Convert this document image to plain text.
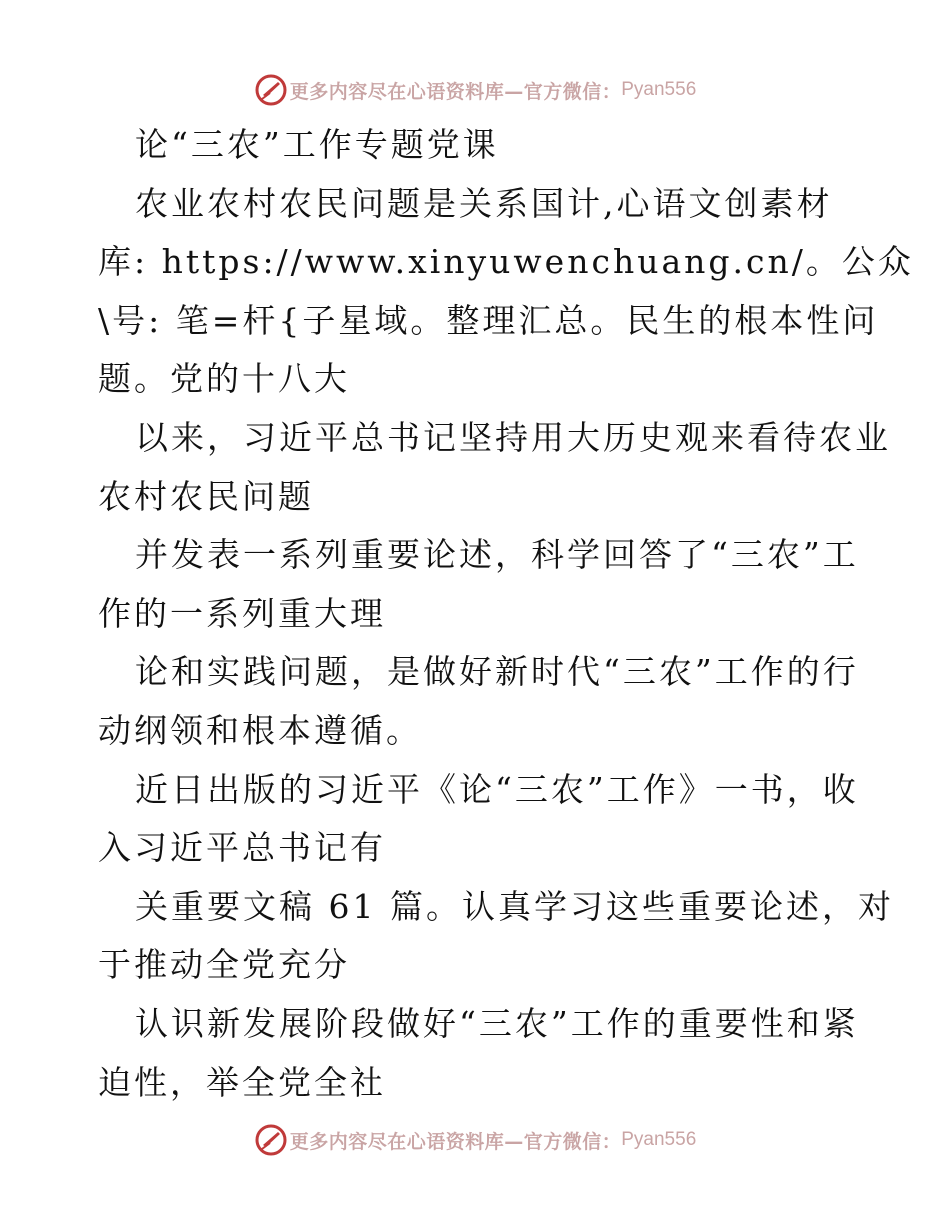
更多内容尽在心语资料库—官方微信： Pyan556
论“三农”工作专题党课
农业农村农民问题是关系国计,心语文创素材
库: https://www.xinyuwenchuang.cn/。公众
\号: 笔=杆{子星域。整理汇总。民生的根本性问
题。党的十八大
以来，习近平总书记坚持用大历史观来看待农业
农村农民问题
并发表一系列重要论述，科学回答了“三农”工
作的一系列重大理
论和实践问题，是做好新时代“三农”工作的行
动纲领和根本遵循。
近日出版的习近平《论“三农”工作》一书，收
入习近平总书记有
关重要文稿 61 篇。认真学习这些重要论述，对
于推动全党充分
认识新发展阶段做好“三农”工作的重要性和紧
迫性，举全党全社
更多内容尽在心语资料库—官方微信： Pyan556
